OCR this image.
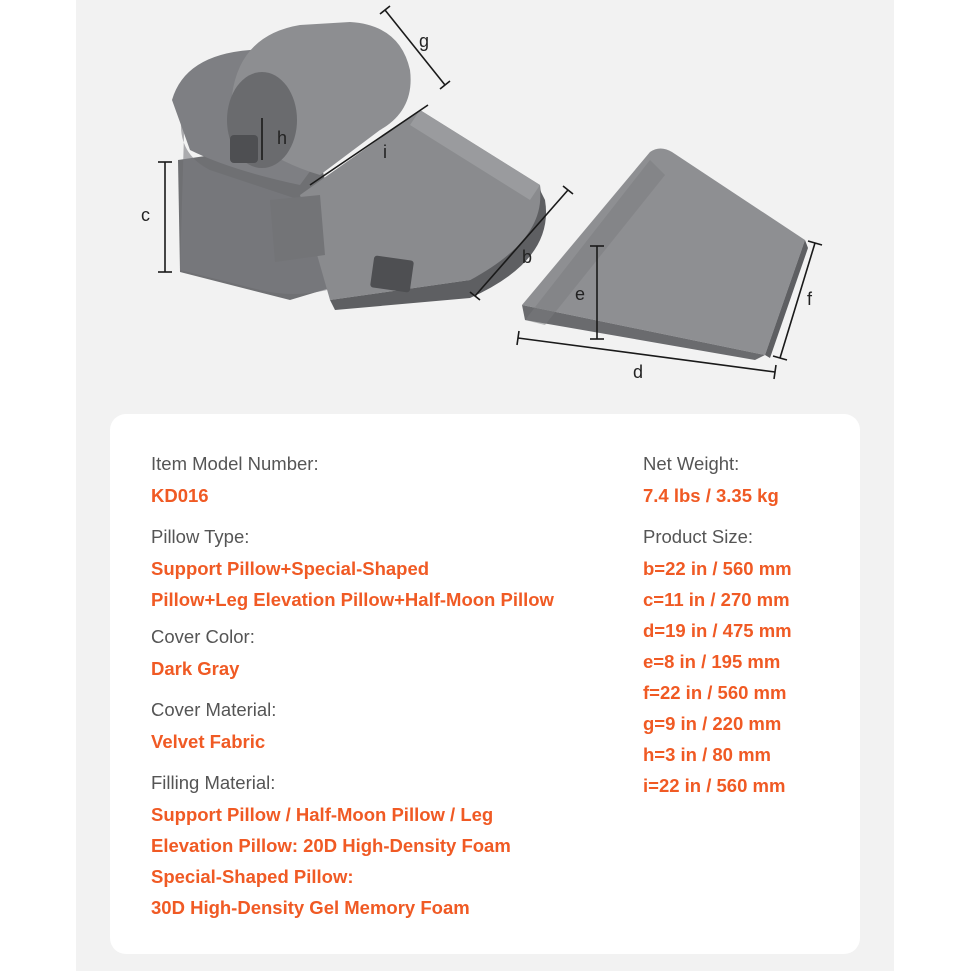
g
h
i
c
b
e	f
d
Item Model Number:
KD016
Pillow Type:
Support Pillow+Special-Shaped
Pillow+Leg Elevation Pillow+Half-Moon Pillow
Cover Color:
Dark Gray
Cover Material:
Velvet Fabric
Filling Material:
Support Pillow / Half-Moon Pillow / Leg
Elevation Pillow: 20D High-Density Foam
Special-Shaped Pillow:
30D High-Density Gel Memory Foam
Net Weight:
7.4 lbs / 3.35 kg
Product Size:
b=22 in / 560 mm
c=11 in / 270 mm
d=19 in / 475 mm
e=8 in / 195 mm
f=22 in / 560 mm
g=9 in / 220 mm
h=3 in / 80 mm
i=22 in / 560 mm
